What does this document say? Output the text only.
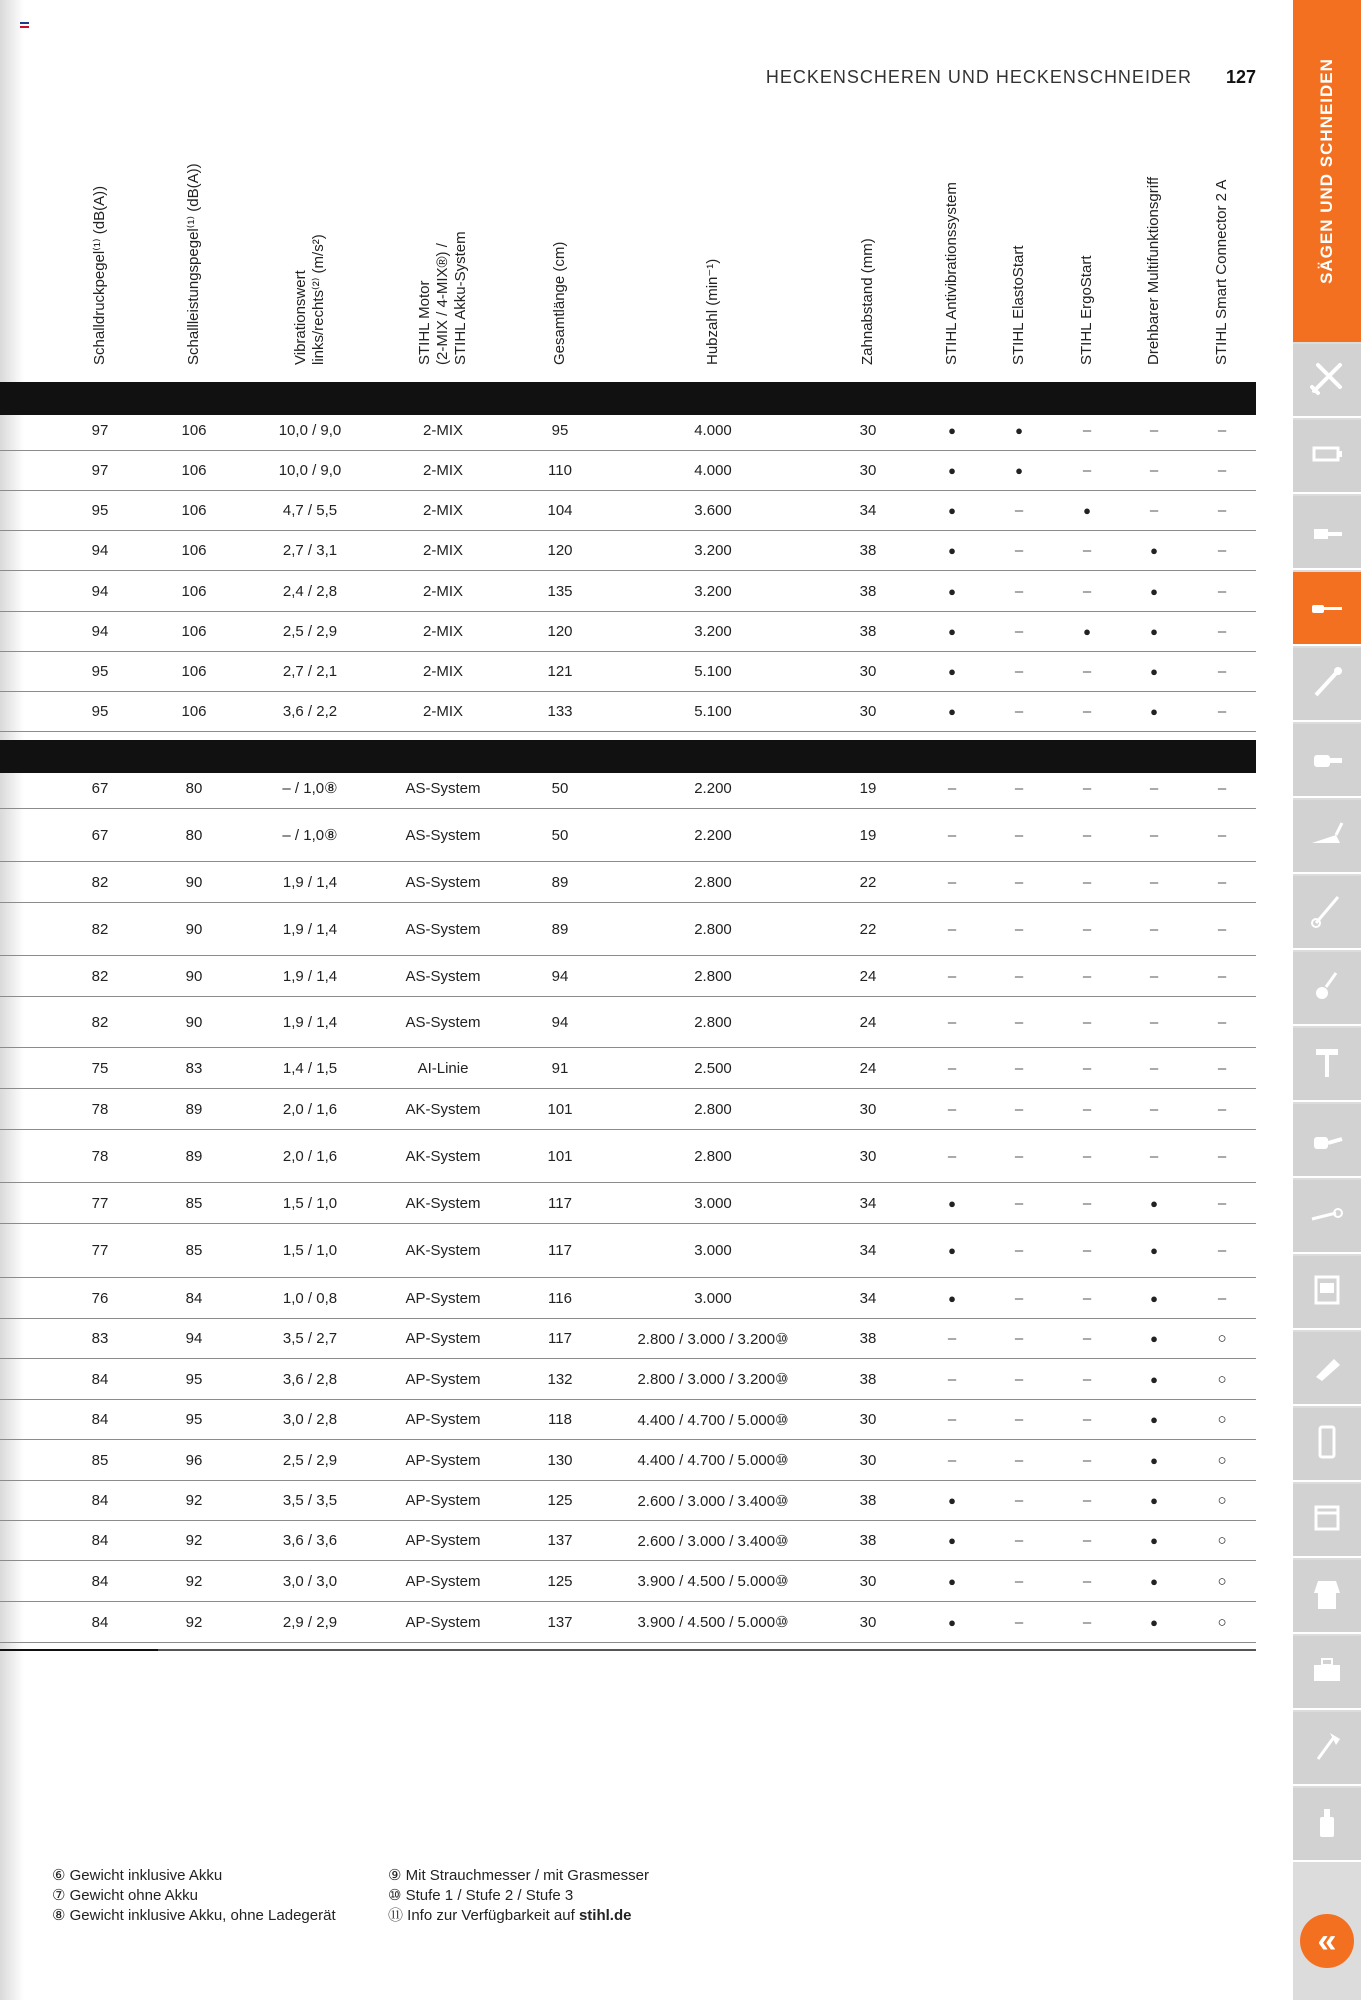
HECKENSCHEREN UND HECKENSCHNEIDER 127
Schalldruckpegel⁽¹⁾ (dB(A))	Schallleistungspegel⁽¹⁾ (dB(A))	Vibrationswert
links/rechts⁽²⁾ (m/s²)
STIHL Motor
(2-MIX / 4-MIX®) /
STIHL Akku-System	Gesamtlänge (cm)	Hubzahl (min⁻¹)	Zahnabstand (mm)	STIHL Antivibrationssystem	STIHL ElastoStart	STIHL ErgoStart	Drehbarer Multifunktionsgriff	STIHL Smart Connector 2 A
97	106	10,0 / 9,0	2-MIX	95	4.000	30	●	●	–	–	–
97	106	10,0 / 9,0	2-MIX	110	4.000	30	●	●	–	–	–
95	106	4,7 / 5,5	2-MIX	104	3.600	34	●	–	●	–	–
94	106	2,7 / 3,1	2-MIX	120	3.200	38	●	–	–	●	–
94	106	2,4 / 2,8	2-MIX	135	3.200	38	●	–	–	●	–
94	106	2,5 / 2,9	2-MIX	120	3.200	38	●	–	●	●	–
95	106	2,7 / 2,1	2-MIX	121	5.100	30	●	–	–	●	–
95	106	3,6 / 2,2	2-MIX	133	5.100	30	●	–	–	●	–
67	80	– / 1,0⑧	AS-System	50	2.200	19	–	–	–	–	–
67	80	– / 1,0⑧	AS-System	50	2.200	19	–	–	–	–	–
82	90	1,9 / 1,4	AS-System	89	2.800	22	–	–	–	–	–
82	90	1,9 / 1,4	AS-System	89	2.800	22	–	–	–	–	–
82	90	1,9 / 1,4	AS-System	94	2.800	24	–	–	–	–	–
82	90	1,9 / 1,4	AS-System	94	2.800	24	–	–	–	–	–
75	83	1,4 / 1,5	AI-Linie	91	2.500	24	–	–	–	–	–
78	89	2,0 / 1,6	AK-System	101	2.800	30	–	–	–	–	–
78	89	2,0 / 1,6	AK-System	101	2.800	30	–	–	–	–	–
77	85	1,5 / 1,0	AK-System	117	3.000	34	●	–	–	●	–
77	85	1,5 / 1,0	AK-System	117	3.000	34	●	–	–	●	–
76	84	1,0 / 0,8	AP-System	116	3.000	34	●	–	–	●	–
83	94	3,5 / 2,7	AP-System	117	2.800 / 3.000 / 3.200⑩	38	–	–	–	●	○
84	95	3,6 / 2,8	AP-System	132	2.800 / 3.000 / 3.200⑩	38	–	–	–	●	○
84	95	3,0 / 2,8	AP-System	118	4.400 / 4.700 / 5.000⑩	30	–	–	–	●	○
85	96	2,5 / 2,9	AP-System	130	4.400 / 4.700 / 5.000⑩	30	–	–	–	●	○
84	92	3,5 / 3,5	AP-System	125	2.600 / 3.000 / 3.400⑩	38	●	–	–	●	○
84	92	3,6 / 3,6	AP-System	137	2.600 / 3.000 / 3.400⑩	38	●	–	–	●	○
84	92	3,0 / 3,0	AP-System	125	3.900 / 4.500 / 5.000⑩	30	●	–	–	●	○
84	92	2,9 / 2,9	AP-System	137	3.900 / 4.500 / 5.000⑩	30	●	–	–	●	○
⑥ Gewicht inklusive Akku
⑦ Gewicht ohne Akku
⑧ Gewicht inklusive Akku, ohne Ladegerät
⑨ Mit Strauchmesser / mit Grasmesser
⑩ Stufe 1 / Stufe 2 / Stufe 3
⑪ Info zur Verfügbarkeit auf stihl.de
SÄGEN UND SCHNEIDEN
«
